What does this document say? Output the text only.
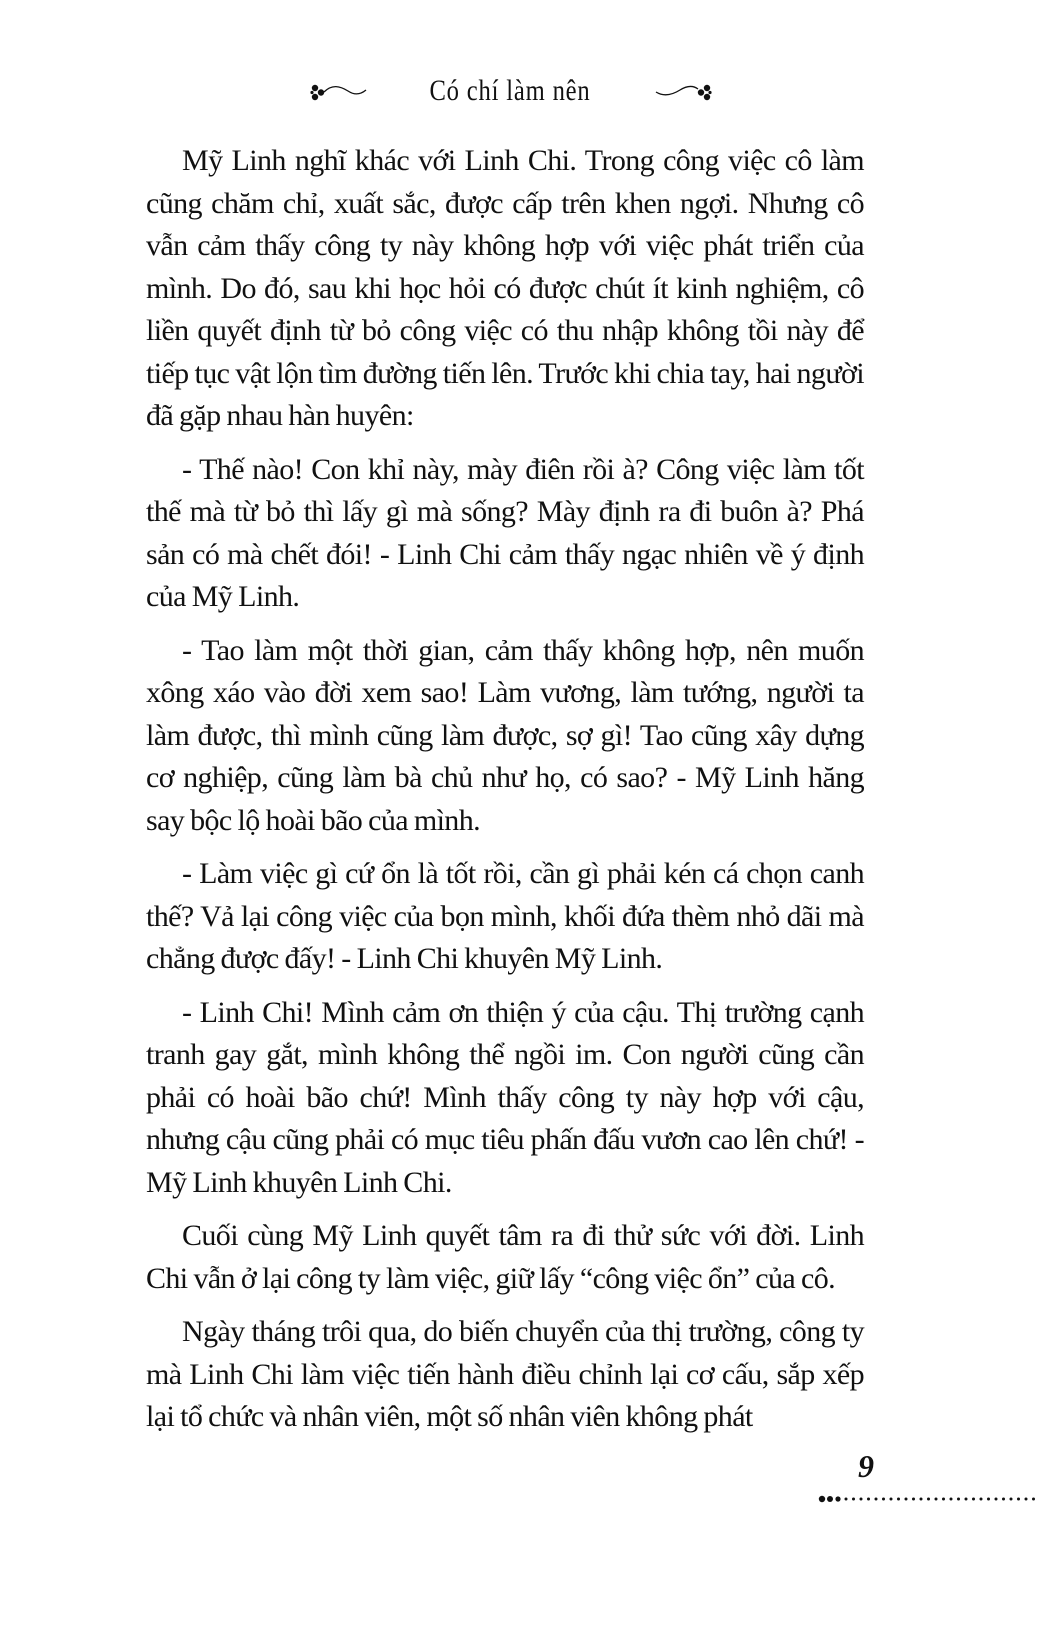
Có chí làm nên

Mỹ Linh nghĩ khác với Linh Chi. Trong công việc cô làm cũng chăm chỉ, xuất sắc, được cấp trên khen ngợi. Nhưng cô vẫn cảm thấy công ty này không hợp với việc phát triển của mình. Do đó, sau khi học hỏi có được chút ít kinh nghiệm, cô liền quyết định từ bỏ công việc có thu nhập không tồi này để tiếp tục vật lộn tìm đường tiến lên. Trước khi chia tay, hai người đã gặp nhau hàn huyên:

- Thế nào! Con khỉ này, mày điên rồi à? Công việc làm tốt thế mà từ bỏ thì lấy gì mà sống? Mày định ra đi buôn à? Phá sản có mà chết đói! - Linh Chi cảm thấy ngạc nhiên về ý định của Mỹ Linh.

- Tao làm một thời gian, cảm thấy không hợp, nên muốn xông xáo vào đời xem sao! Làm vương, làm tướng, người ta làm được, thì mình cũng làm được, sợ gì! Tao cũng xây dựng cơ nghiệp, cũng làm bà chủ như họ, có sao? - Mỹ Linh hăng say bộc lộ hoài bão của mình.

- Làm việc gì cứ ổn là tốt rồi, cần gì phải kén cá chọn canh thế? Vả lại công việc của bọn mình, khối đứa thèm nhỏ dãi mà chẳng được đấy! - Linh Chi khuyên Mỹ Linh.

- Linh Chi! Mình cảm ơn thiện ý của cậu. Thị trường cạnh tranh gay gắt, mình không thể ngồi im. Con người cũng cần phải có hoài bão chứ! Mình thấy công ty này hợp với cậu, nhưng cậu cũng phải có mục tiêu phấn đấu vươn cao lên chứ! - Mỹ Linh khuyên Linh Chi.

Cuối cùng Mỹ Linh quyết tâm ra đi thử sức với đời. Linh Chi vẫn ở lại công ty làm việc, giữ lấy “công việc ổn” của cô.

Ngày tháng trôi qua, do biến chuyển của thị trường, công ty mà Linh Chi làm việc tiến hành điều chỉnh lại cơ cấu, sắp xếp lại tổ chức và nhân viên, một số nhân viên không phát

9
